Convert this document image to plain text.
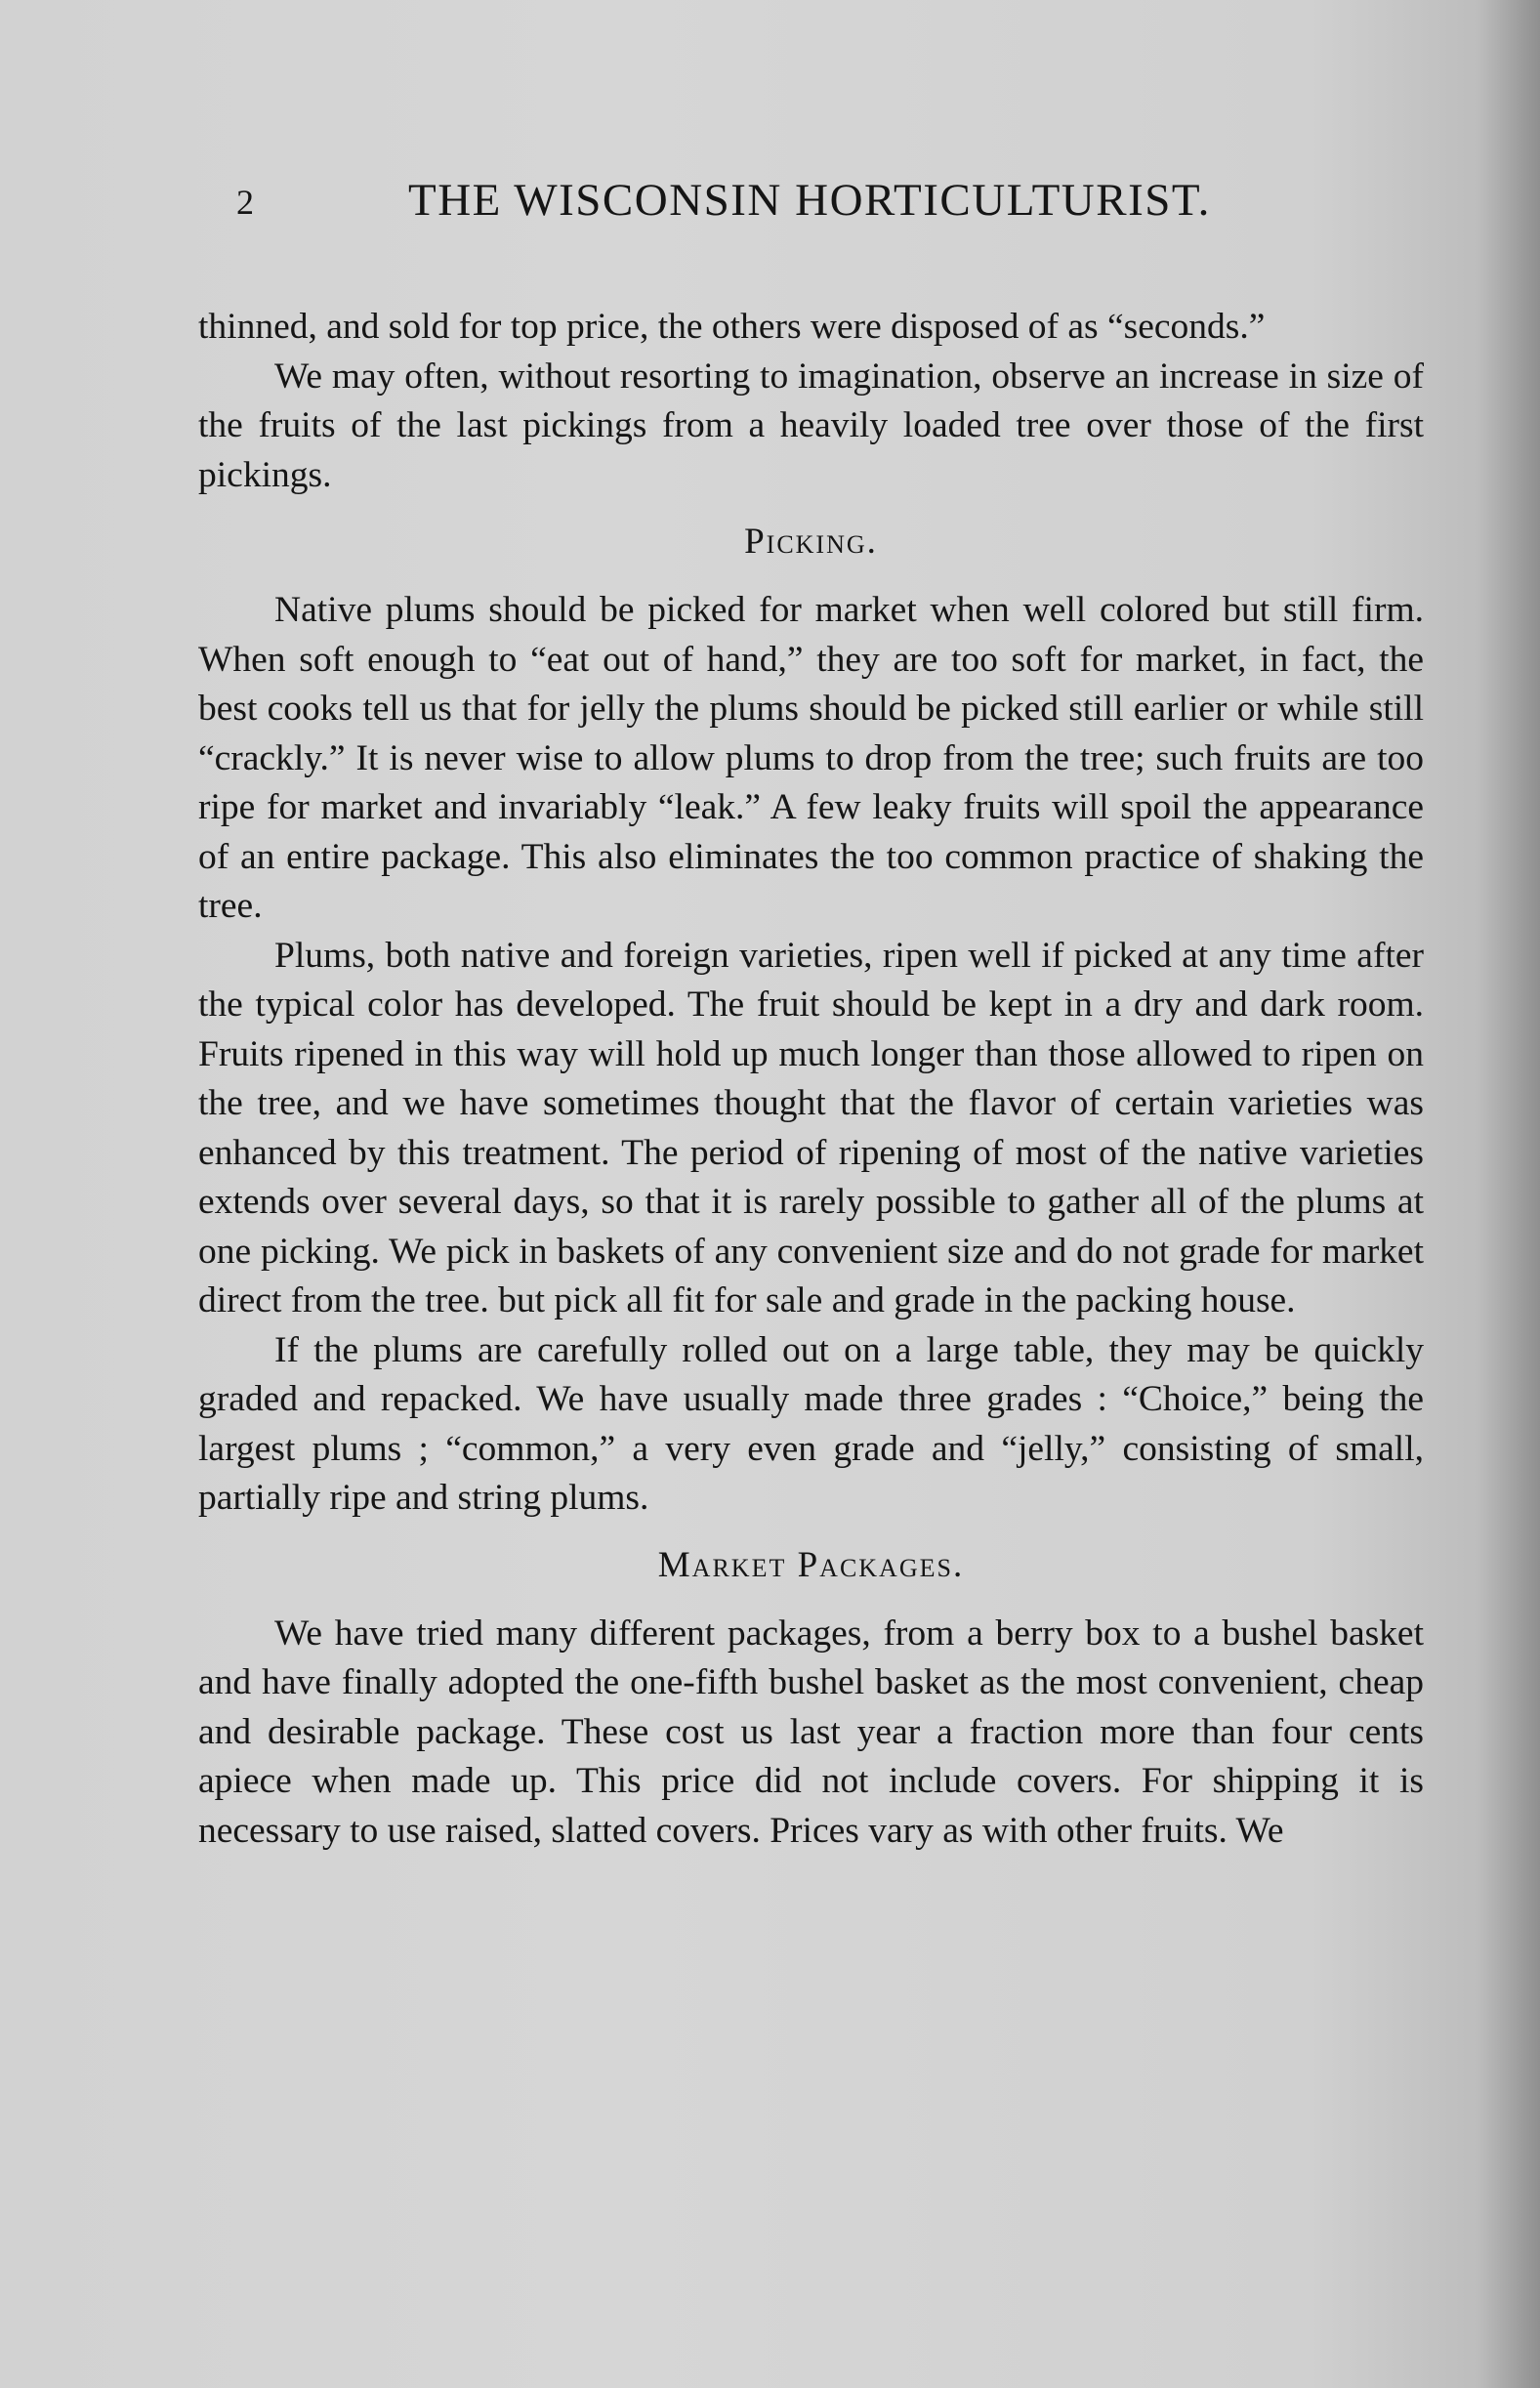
2	THE WISCONSIN HORTICULTURIST.

thinned, and sold for top price, the others were disposed of as “seconds.”

We may often, without resorting to imagination, observe an increase in size of the fruits of the last pickings from a heavily loaded tree over those of the first pickings.

Picking.

Native plums should be picked for market when well colored but still firm. When soft enough to “eat out of hand,” they are too soft for market, in fact, the best cooks tell us that for jelly the plums should be picked still earlier or while still “crackly.” It is never wise to allow plums to drop from the tree; such fruits are too ripe for market and invariably “leak.” A few leaky fruits will spoil the appearance of an entire package. This also eliminates the too common practice of shaking the tree.

Plums, both native and foreign varieties, ripen well if picked at any time after the typical color has developed. The fruit should be kept in a dry and dark room. Fruits ripened in this way will hold up much longer than those allowed to ripen on the tree, and we have sometimes thought that the flavor of certain varieties was enhanced by this treatment. The period of ripening of most of the native varieties extends over several days, so that it is rarely possible to gather all of the plums at one picking. We pick in baskets of any convenient size and do not grade for market direct from the tree. but pick all fit for sale and grade in the packing house.

If the plums are carefully rolled out on a large table, they may be quickly graded and repacked. We have usually made three grades : “Choice,” being the largest plums ; “common,” a very even grade and “jelly,” consisting of small, partially ripe and string plums.

Market Packages.

We have tried many different packages, from a berry box to a bushel basket and have finally adopted the one-fifth bushel basket as the most convenient, cheap and desirable package. These cost us last year a fraction more than four cents apiece when made up. This price did not include covers. For shipping it is necessary to use raised, slatted covers. Prices vary as with other fruits. We
